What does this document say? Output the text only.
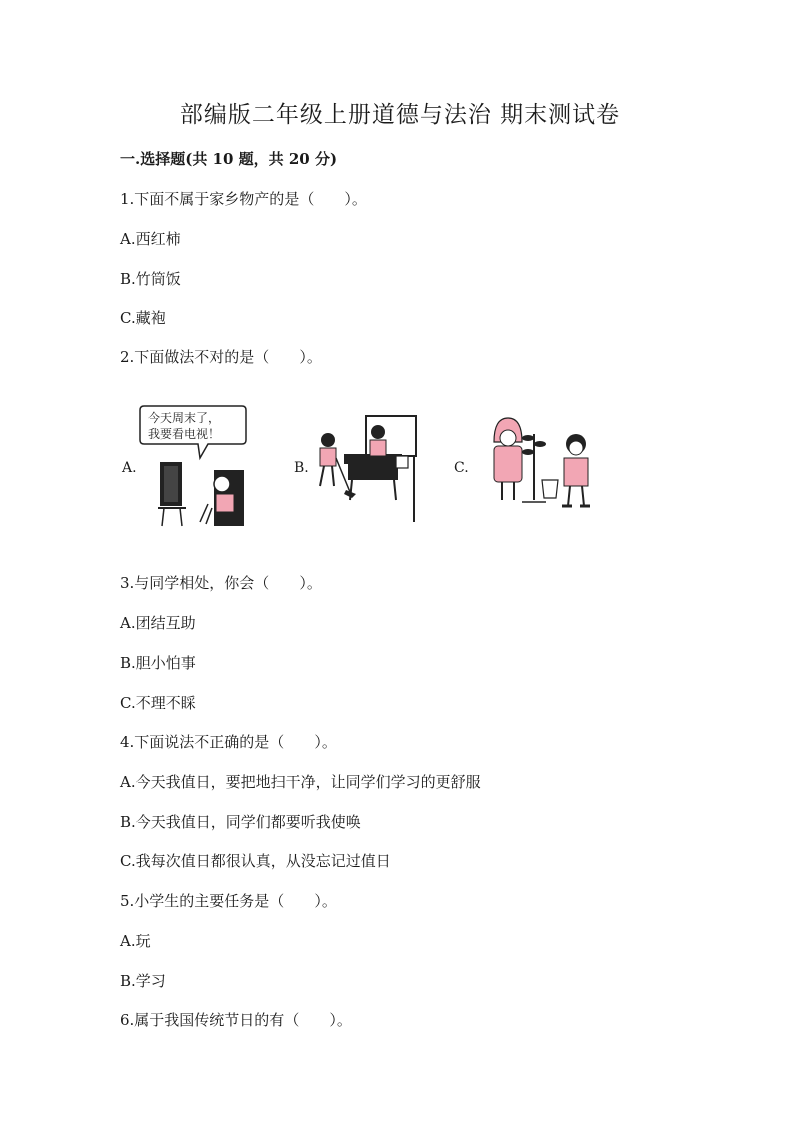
部编版二年级上册道德与法治 期末测试卷
一.选择题(共 10 题，共 20 分)
1.下面不属于家乡物产的是（　　）。
A.西红柿
B.竹筒饭
C.藏袍
2.下面做法不对的是（　　）。
A.
今天周末了，
我要看电视！
B.	C.
3.与同学相处，你会（　　）。
A.团结互助
B.胆小怕事
C.不理不睬
4.下面说法不正确的是（　　）。
A.今天我值日，要把地扫干净，让同学们学习的更舒服
B.今天我值日，同学们都要听我使唤
C.我每次值日都很认真，从没忘记过值日
5.小学生的主要任务是（　　）。
A.玩
B.学习
6.属于我国传统节日的有（　　）。
